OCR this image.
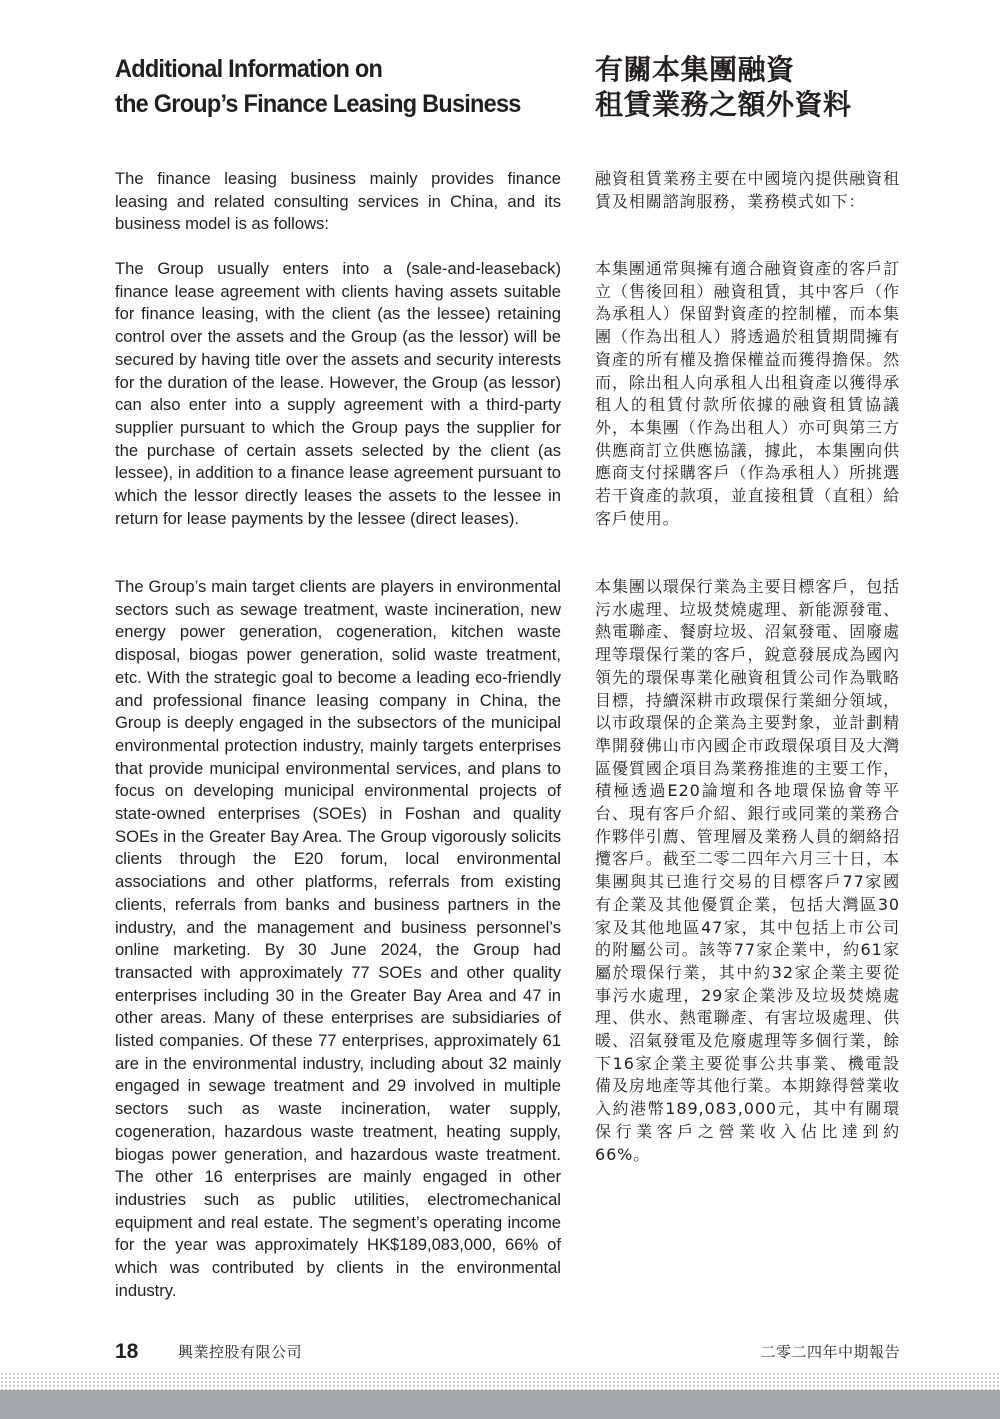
Additional Information on
the Group’s Finance Leasing Business

The finance leasing business mainly provides finance leasing and related consulting services in China, and its business model is as follows:

The Group usually enters into a (sale-and-leaseback) finance lease agreement with clients having assets suitable for finance leasing, with the client (as the lessee) retaining control over the assets and the Group (as the lessor) will be secured by having title over the assets and security interests for the duration of the lease. However, the Group (as lessor) can also enter into a supply agreement with a third-party supplier pursuant to which the Group pays the supplier for the purchase of certain assets selected by the client (as lessee), in addition to a finance lease agreement pursuant to which the lessor directly leases the assets to the lessee in return for lease payments by the lessee (direct leases).

The Group’s main target clients are players in environmental sectors such as sewage treatment, waste incineration, new energy power generation, cogeneration, kitchen waste disposal, biogas power generation, solid waste treatment, etc. With the strategic goal to become a leading eco-friendly and professional finance leasing company in China, the Group is deeply engaged in the subsectors of the municipal environmental protection industry, mainly targets enterprises that provide municipal environmental services, and plans to focus on developing municipal environmental projects of state-owned enterprises (SOEs) in Foshan and quality SOEs in the Greater Bay Area. The Group vigorously solicits clients through the E20 forum, local environmental associations and other platforms, referrals from existing clients, referrals from banks and business partners in the industry, and the management and business personnel’s online marketing. By 30 June 2024, the Group had transacted with approximately 77 SOEs and other quality enterprises including 30 in the Greater Bay Area and 47 in other areas. Many of these enterprises are subsidiaries of listed companies. Of these 77 enterprises, approximately 61 are in the environmental industry, including about 32 mainly engaged in sewage treatment and 29 involved in multiple sectors such as waste incineration, water supply, cogeneration, hazardous waste treatment, heating supply, biogas power generation, and hazardous waste treatment. The other 16 enterprises are mainly engaged in other industries such as public utilities, electromechanical equipment and real estate. The segment’s operating income for the year was approximately HK$189,083,000, 66% of which was contributed by clients in the environmental industry.

有關本集團融資
租賃業務之額外資料

融資租賃業務主要在中國境內提供融資租賃及相關諮詢服務，業務模式如下：

本集團通常與擁有適合融資資產的客戶訂立（售後回租）融資租賃，其中客戶（作為承租人）保留對資產的控制權，而本集團（作為出租人）將透過於租賃期間擁有資產的所有權及擔保權益而獲得擔保。然而，除出租人向承租人出租資產以獲得承租人的租賃付款所依據的融資租賃協議外，本集團（作為出租人）亦可與第三方供應商訂立供應協議，據此，本集團向供應商支付採購客戶（作為承租人）所挑選若干資產的款項，並直接租賃（直租）給客戶使用。

本集團以環保行業為主要目標客戶，包括污水處理、垃圾焚燒處理、新能源發電、熱電聯產、餐廚垃圾、沼氣發電、固廢處理等環保行業的客戶，銳意發展成為國內領先的環保專業化融資租賃公司作為戰略目標，持續深耕市政環保行業細分領域，以市政環保的企業為主要對象，並計劃精準開發佛山市內國企市政環保項目及大灣區優質國企項目為業務推進的主要工作，積極透過E20論壇和各地環保協會等平台、現有客戶介紹、銀行或同業的業務合作夥伴引薦、管理層及業務人員的網絡招攬客戶。截至二零二四年六月三十日，本集團與其已進行交易的目標客戶77家國有企業及其他優質企業，包括大灣區30家及其他地區47家，其中包括上市公司的附屬公司。該等77家企業中，約61家屬於環保行業，其中約32家企業主要從事污水處理，29家企業涉及垃圾焚燒處理、供水、熱電聯產、有害垃圾處理、供暖、沼氣發電及危廢處理等多個行業，餘下16家企業主要從事公共事業、機電設備及房地產等其他行業。本期錄得營業收入約港幣189,083,000元，其中有關環保行業客戶之營業收入佔比達到約66%。

18	興業控股有限公司	二零二四年中期報告
